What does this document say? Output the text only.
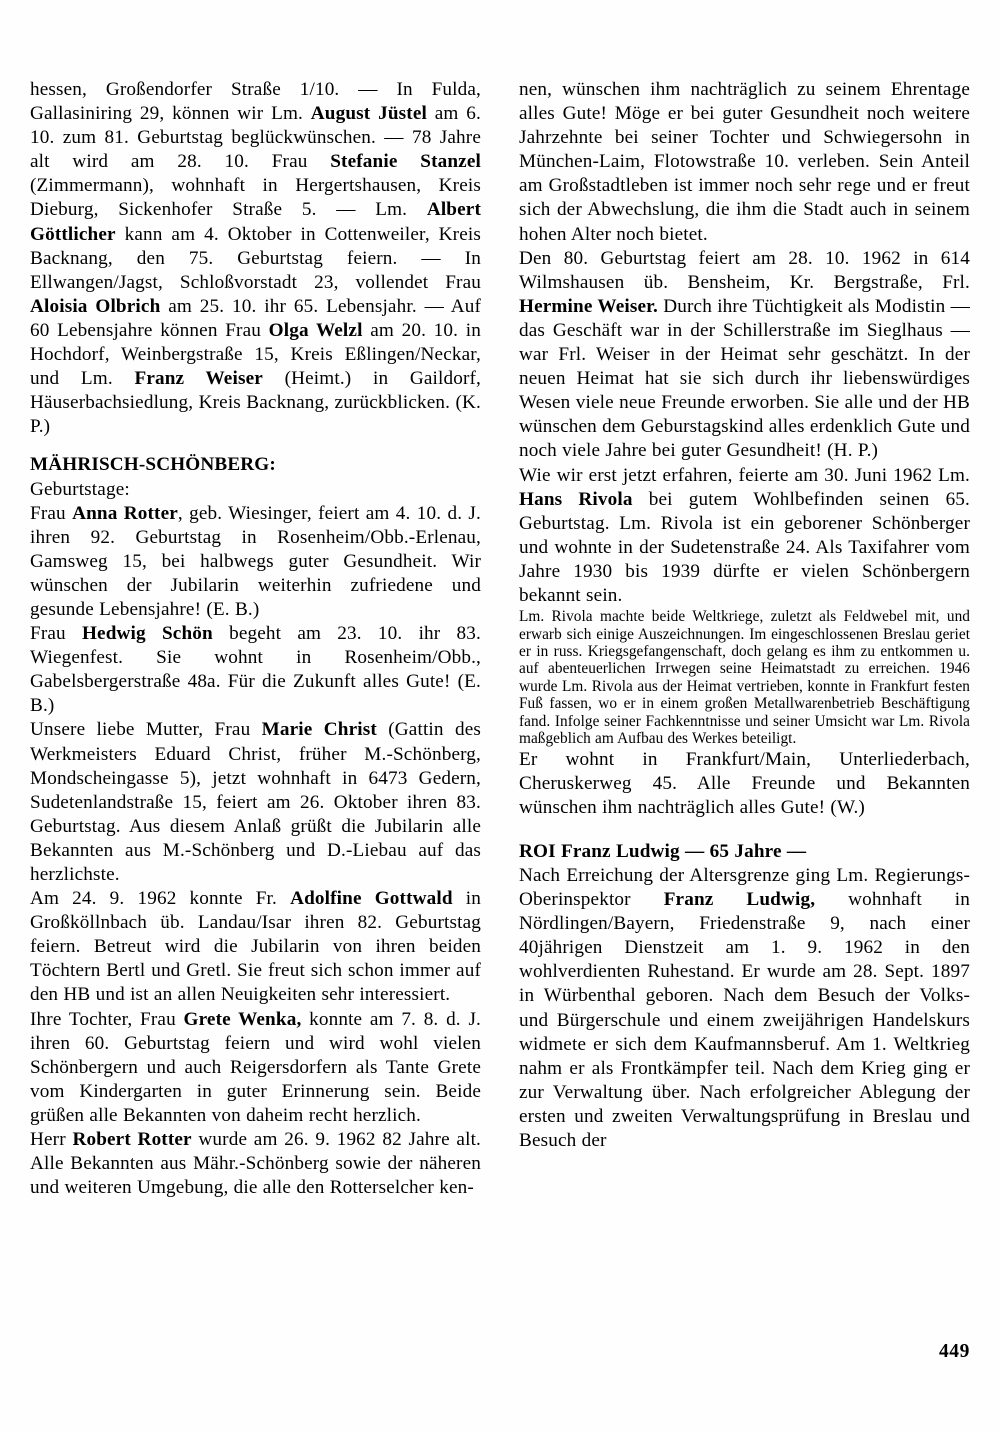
hessen, Großendorfer Straße 1/10. — In Fulda, Gallasiniring 29, können wir Lm. August Jüstel am 6. 10. zum 81. Geburtstag beglückwünschen. — 78 Jahre alt wird am 28. 10. Frau Stefanie Stanzel (Zimmermann), wohnhaft in Hergertshausen, Kreis Dieburg, Sickenhofer Straße 5. — Lm. Albert Göttlicher kann am 4. Oktober in Cottenweiler, Kreis Backnang, den 75. Geburtstag feiern. — In Ellwangen/Jagst, Schloßvorstadt 23, vollendet Frau Aloisia Olbrich am 25. 10. ihr 65. Lebensjahr. — Auf 60 Lebensjahre können Frau Olga Welzl am 20. 10. in Hochdorf, Weinbergstraße 15, Kreis Eßlingen/Neckar, und Lm. Franz Weiser (Heimt.) in Gaildorf, Häuserbachsiedlung, Kreis Backnang, zurückblicken. (K. P.)

MÄHRISCH-SCHÖNBERG:

Geburtstage:

Frau Anna Rotter, geb. Wiesinger, feiert am 4. 10. d. J. ihren 92. Geburtstag in Rosenheim/Obb.-Erlenau, Gamsweg 15, bei halbwegs guter Gesundheit. Wir wünschen der Jubilarin weiterhin zufriedene und gesunde Lebensjahre! (E. B.)

Frau Hedwig Schön begeht am 23. 10. ihr 83. Wiegenfest. Sie wohnt in Rosenheim/Obb., Gabelsbergerstraße 48a. Für die Zukunft alles Gute! (E. B.)

Unsere liebe Mutter, Frau Marie Christ (Gattin des Werkmeisters Eduard Christ, früher M.-Schönberg, Mondscheingasse 5), jetzt wohnhaft in 6473 Gedern, Sudetenlandstraße 15, feiert am 26. Oktober ihren 83. Geburtstag. Aus diesem Anlaß grüßt die Jubilarin alle Bekannten aus M.-Schönberg und D.-Liebau auf das herzlichste.

Am 24. 9. 1962 konnte Fr. Adolfine Gottwald in Großköllnbach üb. Landau/Isar ihren 82. Geburtstag feiern. Betreut wird die Jubilarin von ihren beiden Töchtern Bertl und Gretl. Sie freut sich schon immer auf den HB und ist an allen Neuigkeiten sehr interessiert.

Ihre Tochter, Frau Grete Wenka, konnte am 7. 8. d. J. ihren 60. Geburtstag feiern und wird wohl vielen Schönbergern und auch Reigersdorfern als Tante Grete vom Kindergarten in guter Erinnerung sein. Beide grüßen alle Bekannten von daheim recht herzlich.

Herr Robert Rotter wurde am 26. 9. 1962 82 Jahre alt. Alle Bekannten aus Mähr.-Schönberg sowie der näheren und weiteren Umgebung, die alle den Rotterselcher ken-

nen, wünschen ihm nachträglich zu seinem Ehrentage alles Gute! Möge er bei guter Gesundheit noch weitere Jahrzehnte bei seiner Tochter und Schwiegersohn in München-Laim, Flotowstraße 10. verleben. Sein Anteil am Großstadtleben ist immer noch sehr rege und er freut sich der Abwechslung, die ihm die Stadt auch in seinem hohen Alter noch bietet.

Den 80. Geburtstag feiert am 28. 10. 1962 in 614 Wilmshausen üb. Bensheim, Kr. Bergstraße, Frl. Hermine Weiser. Durch ihre Tüchtigkeit als Modistin — das Geschäft war in der Schillerstraße im Sieglhaus — war Frl. Weiser in der Heimat sehr geschätzt. In der neuen Heimat hat sie sich durch ihr liebenswürdiges Wesen viele neue Freunde erworben. Sie alle und der HB wünschen dem Geburstagskind alles erdenklich Gute und noch viele Jahre bei guter Gesundheit! (H. P.)

Wie wir erst jetzt erfahren, feierte am 30. Juni 1962 Lm. Hans Rivola bei gutem Wohlbefinden seinen 65. Geburtstag. Lm. Rivola ist ein geborener Schönberger und wohnte in der Sudetenstraße 24. Als Taxifahrer vom Jahre 1930 bis 1939 dürfte er vielen Schönbergern bekannt sein.

Lm. Rivola machte beide Weltkriege, zuletzt als Feldwebel mit, und erwarb sich einige Auszeichnungen. Im eingeschlossenen Breslau geriet er in russ. Kriegsgefangenschaft, doch gelang es ihm zu entkommen u. auf abenteuerlichen Irrwegen seine Heimatstadt zu erreichen. 1946 wurde Lm. Rivola aus der Heimat vertrieben, konnte in Frankfurt festen Fuß fassen, wo er in einem großen Metallwarenbetrieb Beschäftigung fand. Infolge seiner Fachkenntnisse und seiner Umsicht war Lm. Rivola maßgeblich am Aufbau des Werkes beteiligt.

Er wohnt in Frankfurt/Main, Unterliederbach, Cheruskerweg 45. Alle Freunde und Bekannten wünschen ihm nachträglich alles Gute! (W.)

ROI Franz Ludwig — 65 Jahre —

Nach Erreichung der Altersgrenze ging Lm. Regierungs-Oberinspektor Franz Ludwig, wohnhaft in Nördlingen/Bayern, Friedenstraße 9, nach einer 40jährigen Dienstzeit am 1. 9. 1962 in den wohlverdienten Ruhestand. Er wurde am 28. Sept. 1897 in Würbenthal geboren. Nach dem Besuch der Volks- und Bürgerschule und einem zweijährigen Handelskurs widmete er sich dem Kaufmannsberuf. Am 1. Weltkrieg nahm er als Frontkämpfer teil. Nach dem Krieg ging er zur Verwaltung über. Nach erfolgreicher Ablegung der ersten und zweiten Verwaltungsprüfung in Breslau und Besuch der

449
